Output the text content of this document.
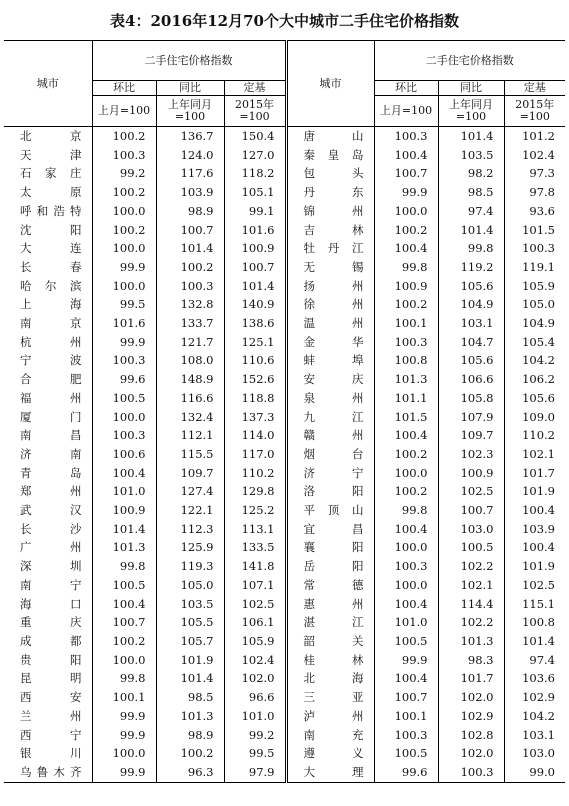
表4：2016年12月70个大中城市二手住宅价格指数
城市	二手住宅价格指数			城市	二手住宅价格指数		
	环比	同比	定基		环比	同比	定基
	上月=100	上年同月=100	2015年=100		上月=100	上年同月=100	2015年=100
北京	100.2	136.7	150.4	唐山	100.3	101.4	101.2
天津	100.3	124.0	127.0	秦皇岛	100.4	103.5	102.4
石家庄	99.2	117.6	118.2	包头	100.7	98.2	97.3
太原	100.2	103.9	105.1	丹东	99.9	98.5	97.8
呼和浩特	100.0	98.9	99.1	锦州	100.0	97.4	93.6
沈阳	100.2	100.7	101.6	吉林	100.2	101.4	101.5
大连	100.0	101.4	100.9	牡丹江	100.4	99.8	100.3
长春	99.9	100.2	100.7	无锡	99.8	119.2	119.1
哈尔滨	100.0	100.3	101.4	扬州	100.9	105.6	105.9
上海	99.5	132.8	140.9	徐州	100.2	104.9	105.0
南京	101.6	133.7	138.6	温州	100.1	103.1	104.9
杭州	99.9	121.7	125.1	金华	100.3	104.7	105.4
宁波	100.3	108.0	110.6	蚌埠	100.8	105.6	104.2
合肥	99.6	148.9	152.6	安庆	101.3	106.6	106.2
福州	100.5	116.6	118.8	泉州	101.1	105.8	105.6
厦门	100.0	132.4	137.3	九江	101.5	107.9	109.0
南昌	100.3	112.1	114.0	赣州	100.4	109.7	110.2
济南	100.6	115.5	117.0	烟台	100.2	102.3	102.1
青岛	100.4	109.7	110.2	济宁	100.0	100.9	101.7
郑州	101.0	127.4	129.8	洛阳	100.2	102.5	101.9
武汉	100.9	122.1	125.2	平顶山	99.8	100.7	100.4
长沙	101.4	112.3	113.1	宜昌	100.4	103.0	103.9
广州	101.3	125.9	133.5	襄阳	100.0	100.5	100.4
深圳	99.8	119.3	141.8	岳阳	100.3	102.2	101.9
南宁	100.5	105.0	107.1	常德	100.0	102.1	102.5
海口	100.4	103.5	102.5	惠州	100.4	114.4	115.1
重庆	100.7	105.5	106.1	湛江	101.0	102.2	100.8
成都	100.2	105.7	105.9	韶关	100.5	101.3	101.4
贵阳	100.0	101.9	102.4	桂林	99.9	98.3	97.4
昆明	99.8	101.4	102.0	北海	100.4	101.7	103.6
西安	100.1	98.5	96.6	三亚	100.7	102.0	102.9
兰州	99.9	101.3	101.0	泸州	100.1	102.9	104.2
西宁	99.9	98.9	99.2	南充	100.3	102.8	103.1
银川	100.0	100.2	99.5	遵义	100.5	102.0	103.0
乌鲁木齐	99.9	96.3	97.9	大理	99.6	100.3	99.0
